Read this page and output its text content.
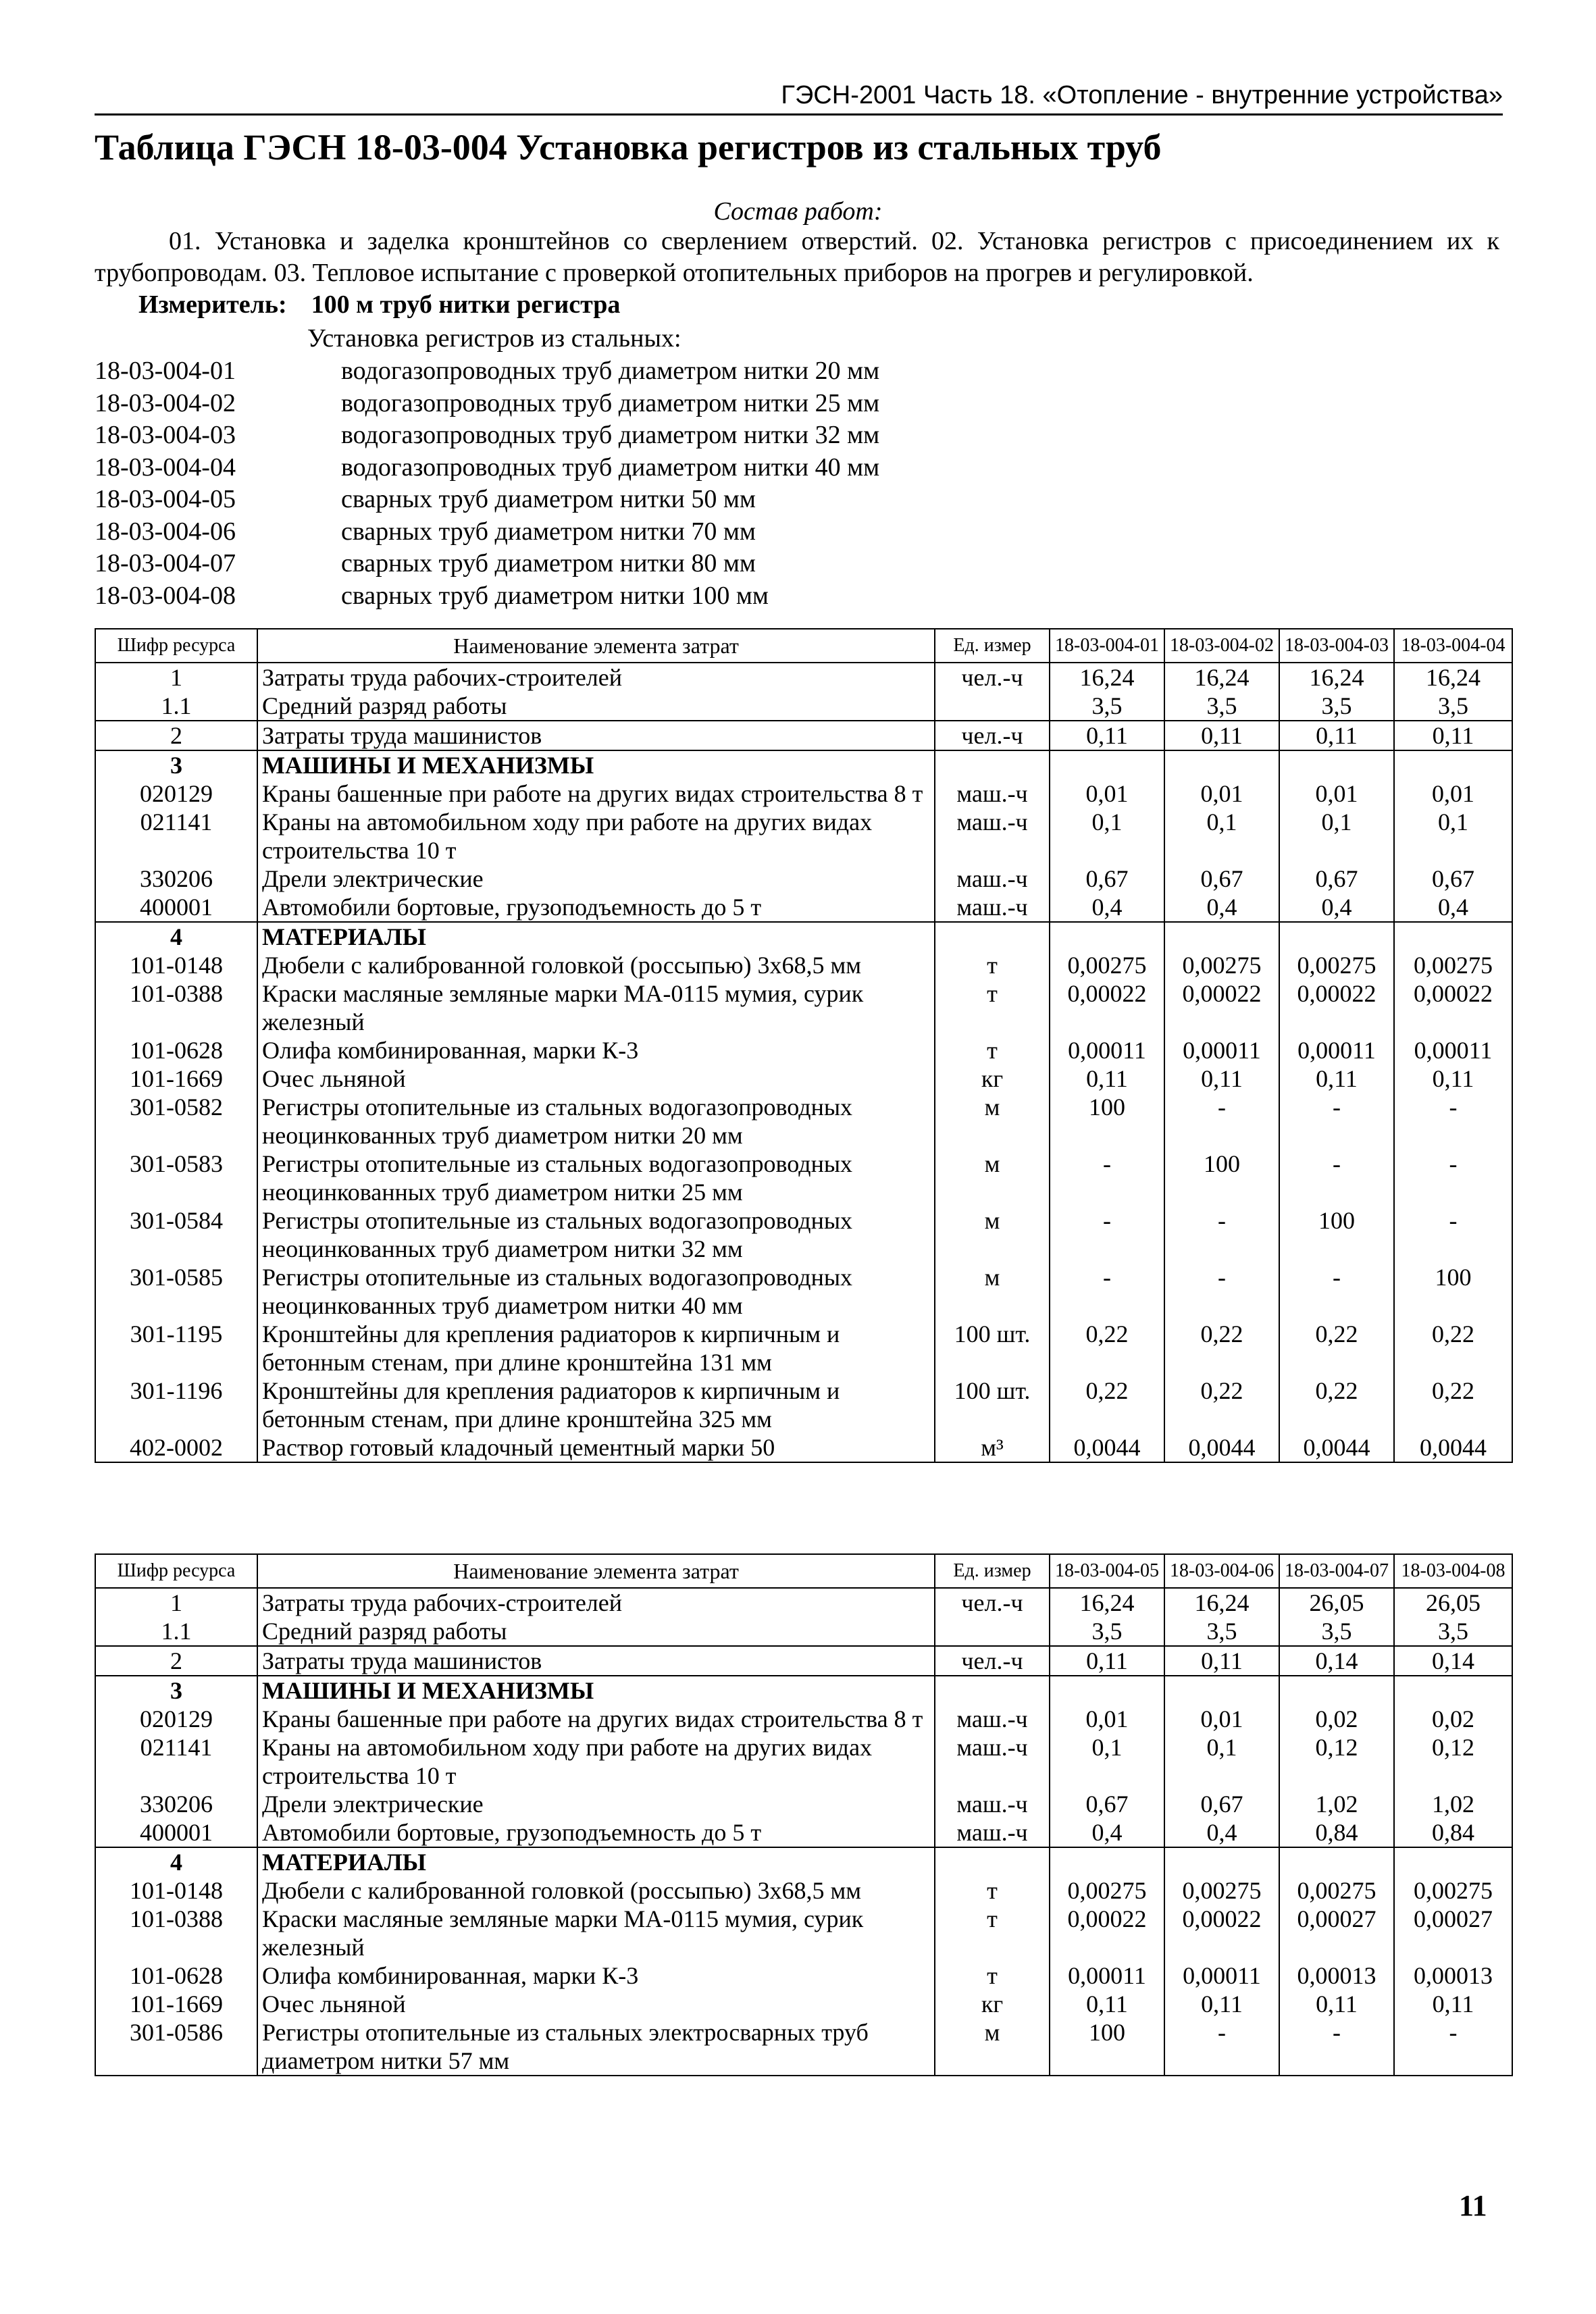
ГЭСН-2001 Часть 18. «Отопление - внутренние устройства»
Таблица ГЭСН 18-03-004 Установка регистров из стальных труб
Состав работ:
01. Установка и заделка кронштейнов со сверлением отверстий. 02. Установка регистров с присоединением их к трубопроводам. 03. Тепловое испытание с проверкой отопительных приборов на прогрев и регулировкой.
Измеритель: 100 м труб нитки регистра
Установка регистров из стальных:
18-03-004-01	водогазопроводных труб диаметром нитки 20 мм
18-03-004-02	водогазопроводных труб диаметром нитки 25 мм
18-03-004-03	водогазопроводных труб диаметром нитки 32 мм
18-03-004-04	водогазопроводных труб диаметром нитки 40 мм
18-03-004-05	сварных труб диаметром нитки 50 мм
18-03-004-06	сварных труб диаметром нитки 70 мм
18-03-004-07	сварных труб диаметром нитки 80 мм
18-03-004-08	сварных труб диаметром нитки 100 мм
Шифр ресурса	Наименование элемента затрат	Ед. измер	18-03-004-01	18-03-004-02	18-03-004-03	18-03-004-04
1	Затраты труда рабочих-строителей	чел.-ч	16,24	16,24	16,24	16,24
1.1	Средний разряд работы		3,5	3,5	3,5	3,5
2	Затраты труда машинистов	чел.-ч	0,11	0,11	0,11	0,11
3	МАШИНЫ И МЕХАНИЗМЫ					
020129	Краны башенные при работе на других видах строительства 8 т	маш.-ч	0,01	0,01	0,01	0,01
021141	Краны на автомобильном ходу при работе на других видах строительства 10 т	маш.-ч	0,1	0,1	0,1	0,1
330206	Дрели электрические	маш.-ч	0,67	0,67	0,67	0,67
400001	Автомобили бортовые, грузоподъемность до 5 т	маш.-ч	0,4	0,4	0,4	0,4
4	МАТЕРИАЛЫ					
101-0148	Дюбели с калиброванной головкой (россыпью) 3х68,5 мм	т	0,00275	0,00275	0,00275	0,00275
101-0388	Краски масляные земляные марки МА-0115 мумия, сурик железный	т	0,00022	0,00022	0,00022	0,00022
101-0628	Олифа комбинированная, марки К-3	т	0,00011	0,00011	0,00011	0,00011
101-1669	Очес льняной	кг	0,11	0,11	0,11	0,11
301-0582	Регистры отопительные из стальных водогазопроводных неоцинкованных труб диаметром нитки 20 мм	м	100	-	-	-
301-0583	Регистры отопительные из стальных водогазопроводных неоцинкованных труб диаметром нитки 25 мм	м	-	100	-	-
301-0584	Регистры отопительные из стальных водогазопроводных неоцинкованных труб диаметром нитки 32 мм	м	-	-	100	-
301-0585	Регистры отопительные из стальных водогазопроводных неоцинкованных труб диаметром нитки 40 мм	м	-	-	-	100
301-1195	Кронштейны для крепления радиаторов к кирпичным и бетонным стенам, при длине кронштейна 131 мм	100 шт.	0,22	0,22	0,22	0,22
301-1196	Кронштейны для крепления радиаторов к кирпичным и бетонным стенам, при длине кронштейна 325 мм	100 шт.	0,22	0,22	0,22	0,22
402-0002	Раствор готовый кладочный цементный марки 50	м³	0,0044	0,0044	0,0044	0,0044
Шифр ресурса	Наименование элемента затрат	Ед. измер	18-03-004-05	18-03-004-06	18-03-004-07	18-03-004-08
1	Затраты труда рабочих-строителей	чел.-ч	16,24	16,24	26,05	26,05
1.1	Средний разряд работы		3,5	3,5	3,5	3,5
2	Затраты труда машинистов	чел.-ч	0,11	0,11	0,14	0,14
3	МАШИНЫ И МЕХАНИЗМЫ					
020129	Краны башенные при работе на других видах строительства 8 т	маш.-ч	0,01	0,01	0,02	0,02
021141	Краны на автомобильном ходу при работе на других видах строительства 10 т	маш.-ч	0,1	0,1	0,12	0,12
330206	Дрели электрические	маш.-ч	0,67	0,67	1,02	1,02
400001	Автомобили бортовые, грузоподъемность до 5 т	маш.-ч	0,4	0,4	0,84	0,84
4	МАТЕРИАЛЫ					
101-0148	Дюбели с калиброванной головкой (россыпью) 3х68,5 мм	т	0,00275	0,00275	0,00275	0,00275
101-0388	Краски масляные земляные марки МА-0115 мумия, сурик железный	т	0,00022	0,00022	0,00027	0,00027
101-0628	Олифа комбинированная, марки К-3	т	0,00011	0,00011	0,00013	0,00013
101-1669	Очес льняной	кг	0,11	0,11	0,11	0,11
301-0586	Регистры отопительные из стальных электросварных труб диаметром нитки 57 мм	м	100	-	-	-
11
